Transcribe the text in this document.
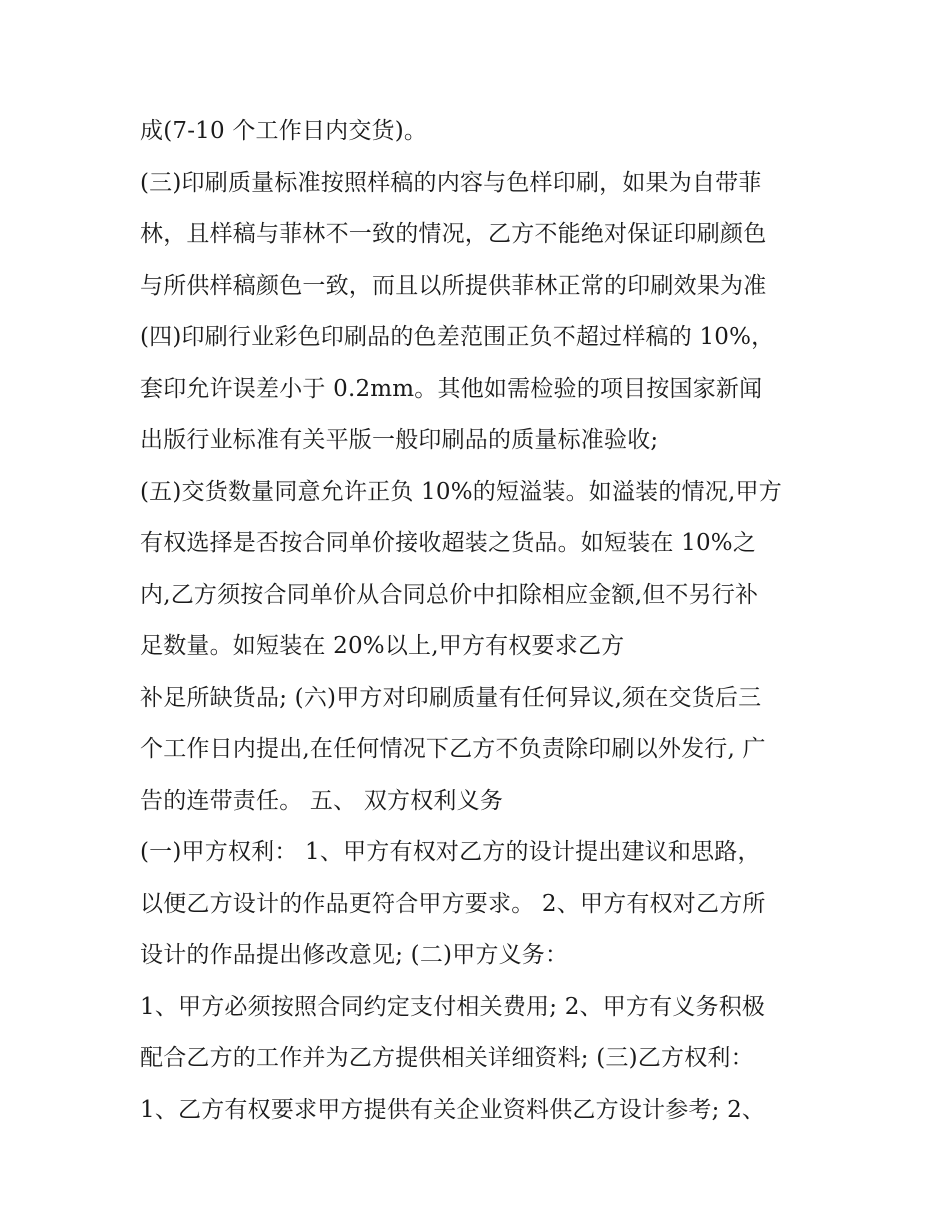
成(7-10 个工作日内交货)。
(三)印刷质量标准按照样稿的内容与色样印刷，如果为自带菲
林，且样稿与菲林不一致的情况，乙方不能绝对保证印刷颜色
与所供样稿颜色一致，而且以所提供菲林正常的印刷效果为准
(四)印刷行业彩色印刷品的色差范围正负不超过样稿的 10%，
套印允许误差小于 0.2mm。其他如需检验的项目按国家新闻
出版行业标准有关平版一般印刷品的质量标准验收;
(五)交货数量同意允许正负 10%的短溢装。如溢装的情况,甲方
有权选择是否按合同单价接收超装之货品。如短装在 10%之
内,乙方须按合同单价从合同总价中扣除相应金额,但不另行补
足数量。如短装在 20%以上,甲方有权要求乙方
补足所缺货品; (六)甲方对印刷质量有任何异议,须在交货后三
个工作日内提出,在任何情况下乙方不负责除印刷以外发行, 广
告的连带责任。 五、 双方权利义务
(一)甲方权利： 1、甲方有权对乙方的设计提出建议和思路，
以便乙方设计的作品更符合甲方要求。 2、甲方有权对乙方所
设计的作品提出修改意见; (二)甲方义务：
1、甲方必须按照合同约定支付相关费用; 2、甲方有义务积极
配合乙方的工作并为乙方提供相关详细资料; (三)乙方权利：
1、乙方有权要求甲方提供有关企业资料供乙方设计参考; 2、
